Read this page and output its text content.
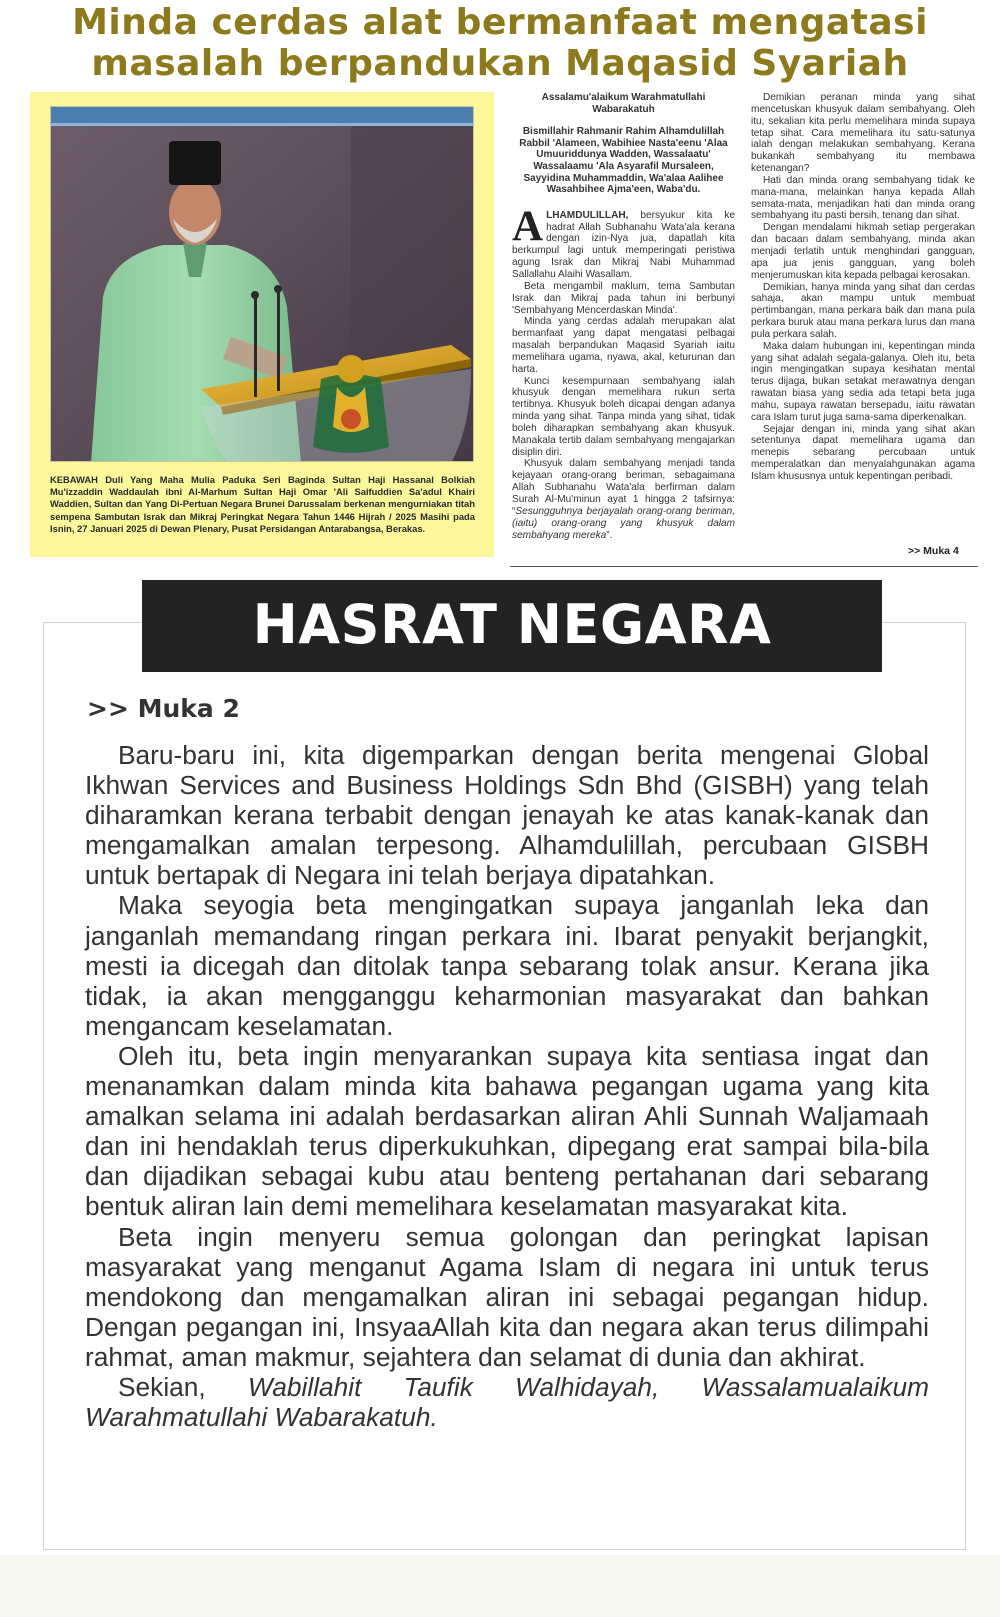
Minda cerdas alat bermanfaat mengatasi
masalah berpandukan Maqasid Syariah

KEBAWAH Duli Yang Maha Mulia Paduka Seri Baginda Sultan Haji Hassanal Bolkiah Mu'izzaddin Waddaulah ibni Al-Marhum Sultan Haji Omar 'Ali Saifuddien Sa'adul Khairi Waddien, Sultan dan Yang Di-Pertuan Negara Brunei Darussalam berkenan mengurniakan titah sempena Sambutan Israk dan Mikraj Peringkat Negara Tahun 1446 Hijrah / 2025 Masihi pada Isnin, 27 Januari 2025 di Dewan Plenary, Pusat Persidangan Antarabangsa, Berakas.

Assalamu'alaikum Warahmatullahi Wabarakatuh

Bismillahir Rahmanir Rahim Alhamdulillah Rabbil 'Alameen, Wabihiee Nasta'eenu 'Alaa Umuuriddunya Wadden, Wassalaatu' Wassalaamu 'Ala Asyarafil Mursaleen, Sayyidina Muhammaddin, Wa'alaa Aalihee Wasahbihee Ajma'een, Waba'du.

ALHAMDULILLAH, bersyukur kita ke hadrat Allah Subhanahu Wata'ala kerana dengan izin-Nya jua, dapatlah kita berkumpul lagi untuk memperingati peristiwa agung Israk dan Mikraj Nabi Muhammad Sallallahu Alaihi Wasallam.

Beta mengambil maklum, tema Sambutan Israk dan Mikraj pada tahun ini berbunyi 'Sembahyang Mencerdaskan Minda'.

Minda yang cerdas adalah merupakan alat bermanfaat yang dapat mengatasi pelbagai masalah berpandukan Maqasid Syariah iaitu memelihara ugama, nyawa, akal, keturunan dan harta.

Kunci kesempurnaan sembahyang ialah khusyuk dengan memelihara rukun serta tertibnya. Khusyuk boleh dicapai dengan adanya minda yang sihat. Tanpa minda yang sihat, tidak boleh diharapkan sembahyang akan khusyuk. Manakala tertib dalam sembahyang mengajarkan disiplin diri.

Khusyuk dalam sembahyang menjadi tanda kejayaan orang-orang beriman, sebagaimana Allah Subhanahu Wata'ala berfirman dalam Surah Al-Mu'minun ayat 1 hingga 2 tafsirnya: “Sesungguhnya berjayalah orang-orang beriman, (iaitu) orang-orang yang khusyuk dalam sembahyang mereka”.

Demikian peranan minda yang sihat mencetuskan khusyuk dalam sembahyang. Oleh itu, sekalian kita perlu memelihara minda supaya tetap sihat. Cara memelihara itu satu-satunya ialah dengan melakukan sembahyang. Kerana bukankah sembahyang itu membawa ketenangan?

Hati dan minda orang sembahyang tidak ke mana-mana, melainkan hanya kepada Allah semata-mata, menjadikan hati dan minda orang sembahyang itu pasti bersih, tenang dan sihat.

Dengan mendalami hikmah setiap pergerakan dan bacaan dalam sembahyang, minda akan menjadi terlatih untuk menghindari gangguan, apa jua jenis gangguan, yang boleh menjerumuskan kita kepada pelbagai kerosakan.

Demikian, hanya minda yang sihat dan cerdas sahaja, akan mampu untuk membuat pertimbangan, mana perkara baik dan mana pula perkara buruk atau mana perkara lurus dan mana pula perkara salah.

Maka dalam hubungan ini, kepentingan minda yang sihat adalah segala-galanya. Oleh itu, beta ingin mengingatkan supaya kesihatan mental terus dijaga, bukan setakat merawatnya dengan rawatan biasa yang sedia ada tetapi beta juga mahu, supaya rawatan bersepadu, iaitu rawatan cara Islam turut juga sama-sama diperkenalkan.

Sejajar dengan ini, minda yang sihat akan setentunya dapat memelihara ugama dan menepis sebarang percubaan untuk memperalatkan dan menyalahgunakan agama Islam khususnya untuk kepentingan peribadi.

>> Muka 4
HASRAT NEGARA
>> Muka 2

Baru-baru ini, kita digemparkan dengan berita mengenai Global Ikhwan Services and Business Holdings Sdn Bhd (GISBH) yang telah diharamkan kerana terbabit dengan jenayah ke atas kanak-kanak dan mengamalkan amalan terpesong. Alhamdulillah, percubaan GISBH untuk bertapak di Negara ini telah berjaya dipatahkan.

Maka seyogia beta mengingatkan supaya janganlah leka dan janganlah memandang ringan perkara ini. Ibarat penyakit berjangkit, mesti ia dicegah dan ditolak tanpa sebarang tolak ansur. Kerana jika tidak, ia akan mengganggu keharmonian masyarakat dan bahkan mengancam keselamatan.

Oleh itu, beta ingin menyarankan supaya kita sentiasa ingat dan menanamkan dalam minda kita bahawa pegangan ugama yang kita amalkan selama ini adalah berdasarkan aliran Ahli Sunnah Waljamaah dan ini hendaklah terus diperkukuhkan, dipegang erat sampai bila-bila dan dijadikan sebagai kubu atau benteng pertahanan dari sebarang bentuk aliran lain demi memelihara keselamatan masyarakat kita.

Beta ingin menyeru semua golongan dan peringkat lapisan masyarakat yang menganut Agama Islam di negara ini untuk terus mendokong dan mengamalkan aliran ini sebagai pegangan hidup. Dengan pegangan ini, InsyaaAllah kita dan negara akan terus dilimpahi rahmat, aman makmur, sejahtera dan selamat di dunia dan akhirat.

Sekian, Wabillahit Taufik Walhidayah, Wassalamualaikum Warahmatullahi Wabarakatuh.
